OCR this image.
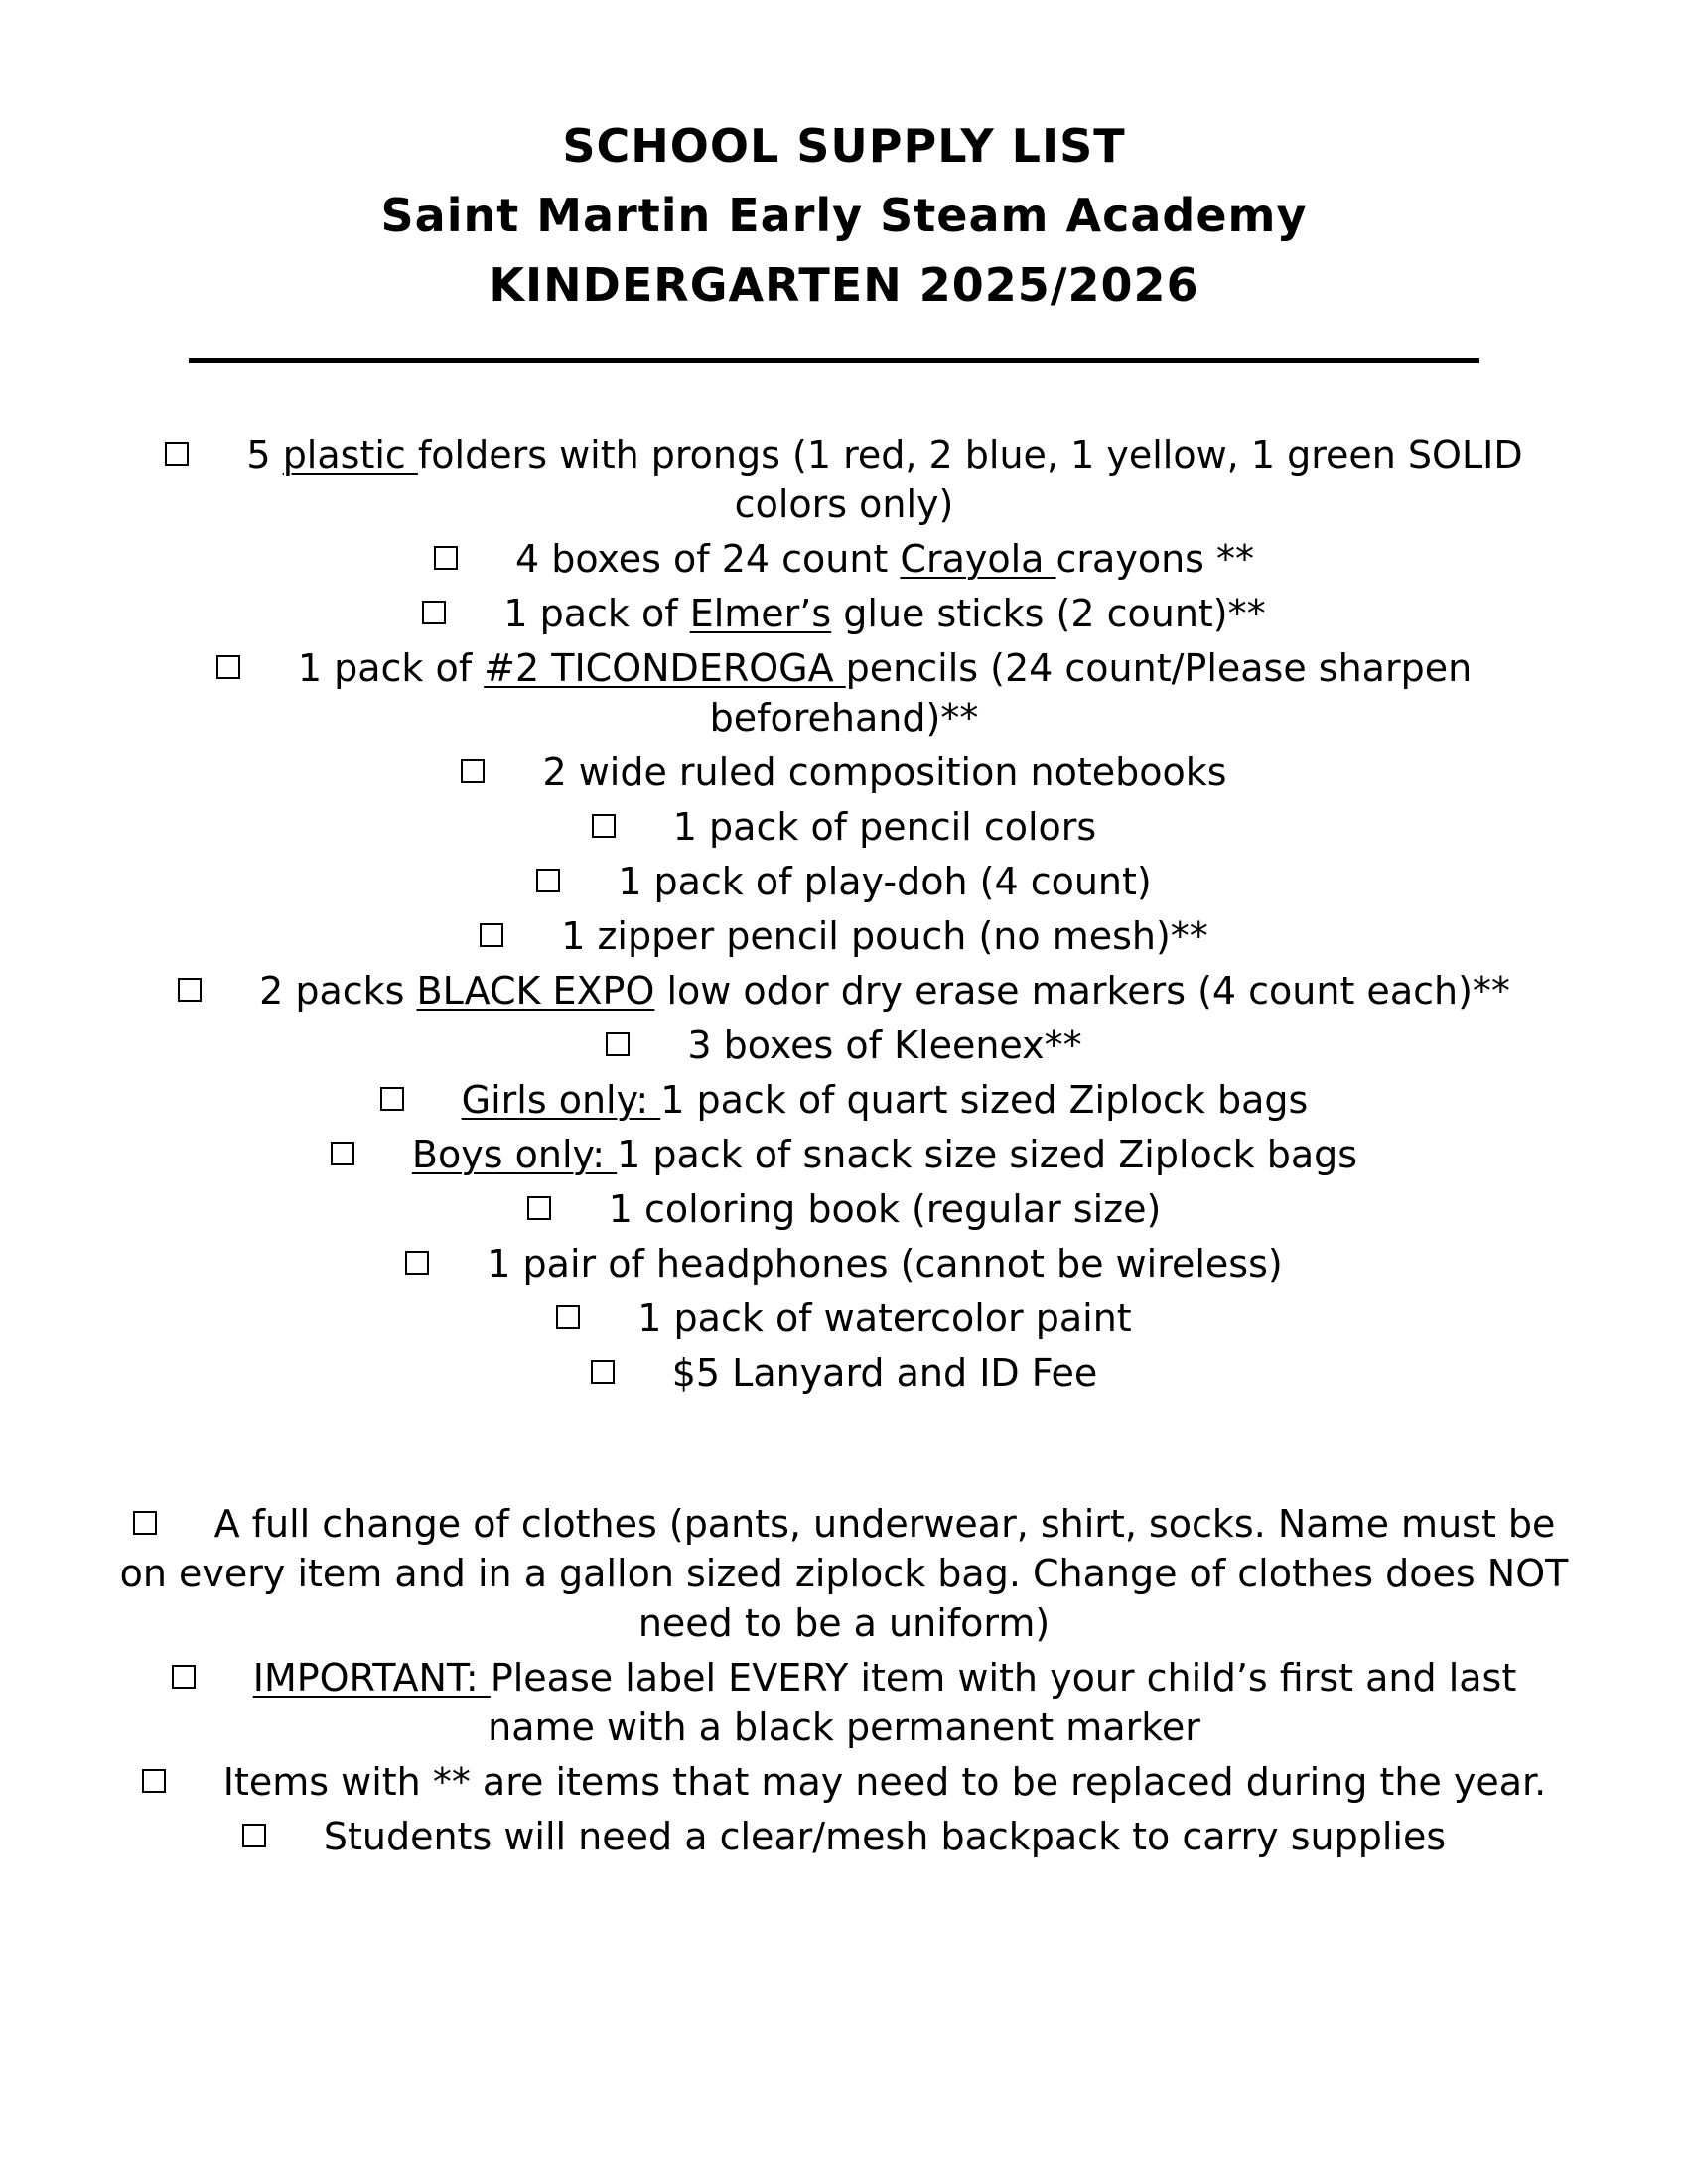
SCHOOL SUPPLY LIST
Saint Martin Early Steam Academy
KINDERGARTEN 2025/2026
5 plastic folders with prongs (1 red, 2 blue, 1 yellow, 1 green SOLID colors only)
4 boxes of 24 count Crayola crayons **
1 pack of Elmer’s glue sticks (2 count)**
1 pack of #2 TICONDEROGA pencils (24 count/Please sharpen beforehand)**
2 wide ruled composition notebooks
1 pack of pencil colors
1 pack of play-doh (4 count)
1 zipper pencil pouch (no mesh)**
2 packs BLACK EXPO low odor dry erase markers (4 count each)**
3 boxes of Kleenex**
Girls only: 1 pack of quart sized Ziplock bags
Boys only: 1 pack of snack size sized Ziplock bags
1 coloring book (regular size)
1 pair of headphones (cannot be wireless)
1 pack of watercolor paint
$5 Lanyard and ID Fee
A full change of clothes (pants, underwear, shirt, socks. Name must be on every item and in a gallon sized ziplock bag. Change of clothes does NOT need to be a uniform)
IMPORTANT: Please label EVERY item with your child’s first and last name with a black permanent marker
Items with ** are items that may need to be replaced during the year.
Students will need a clear/mesh backpack to carry supplies
